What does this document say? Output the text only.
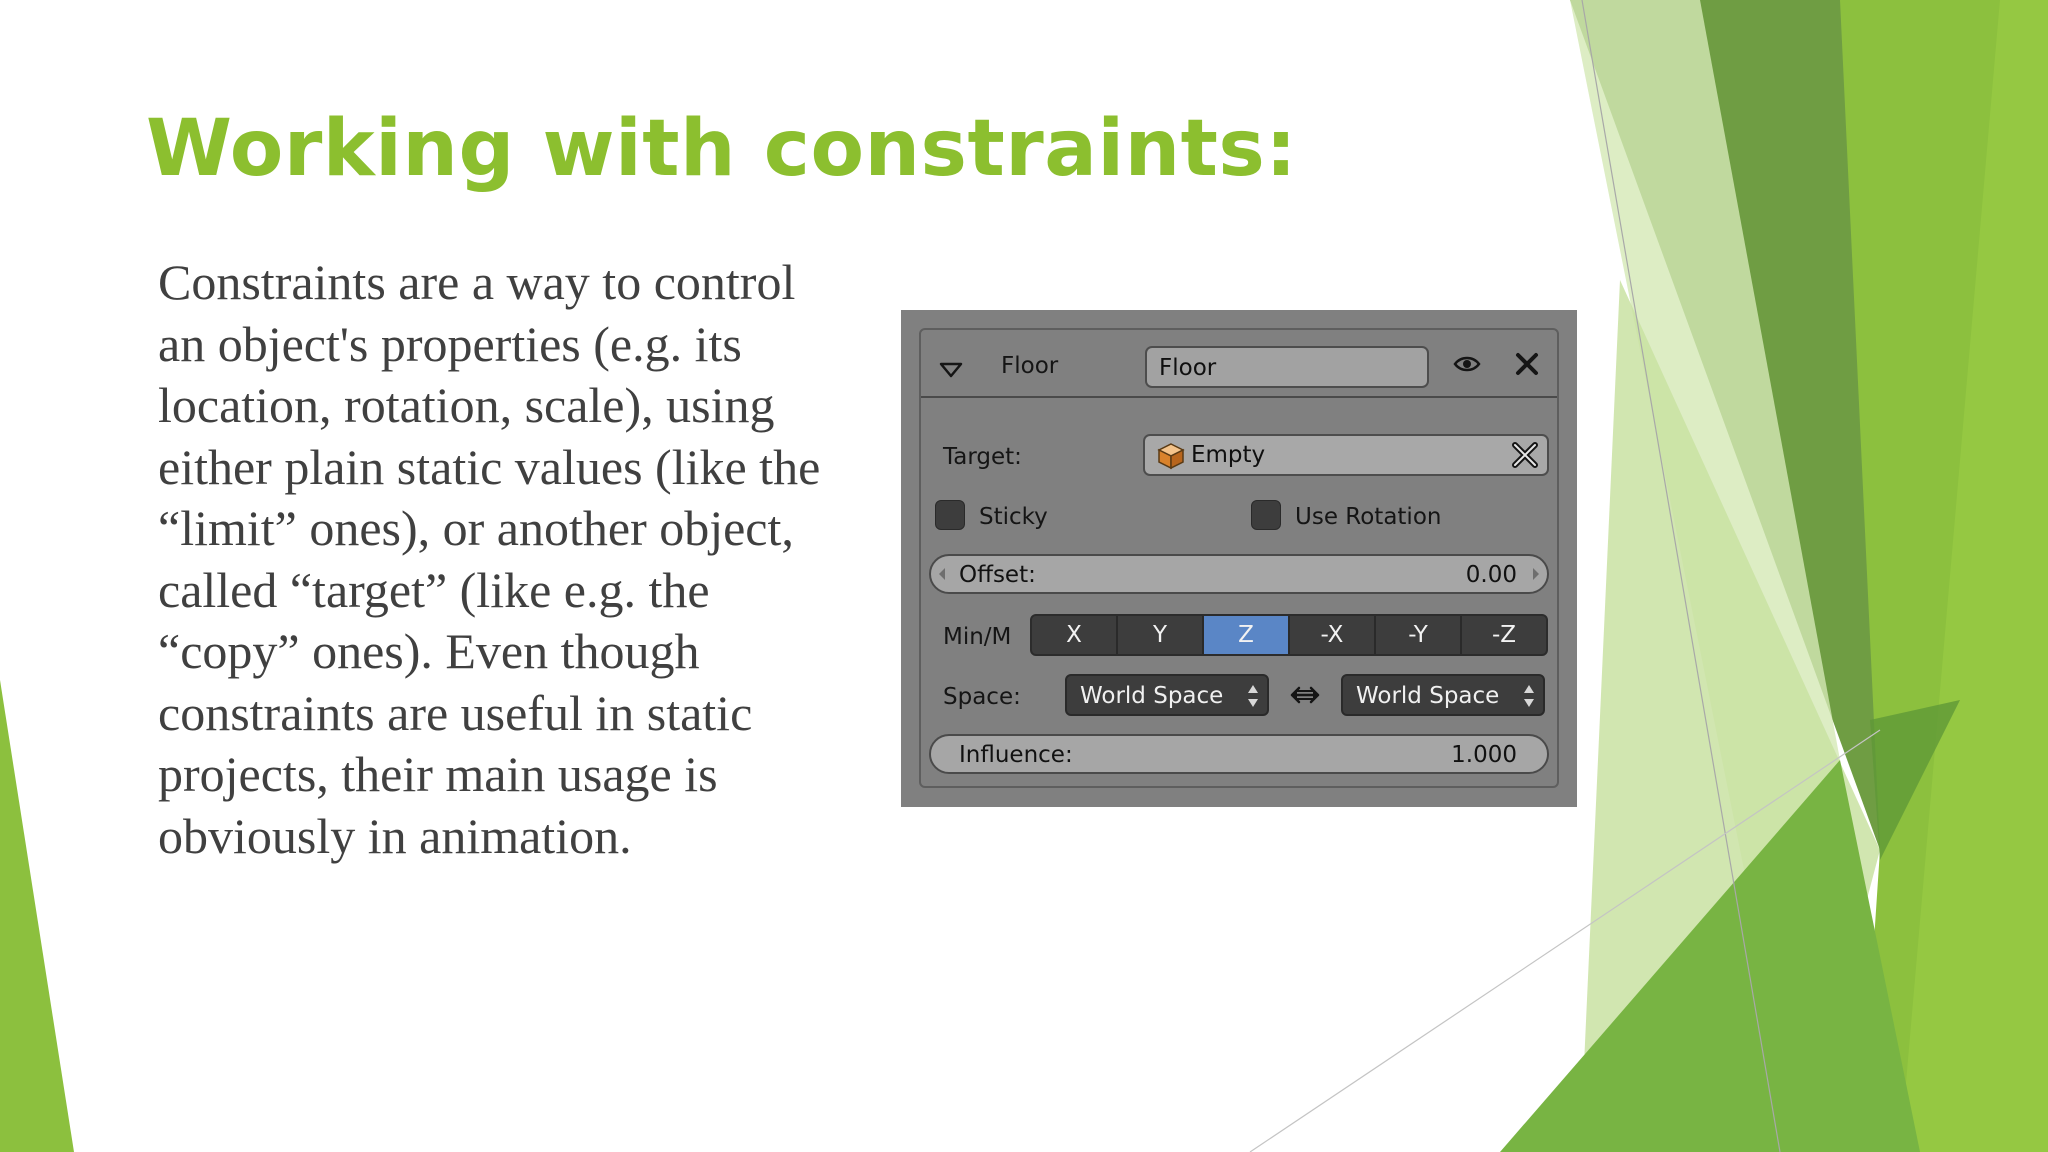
Working with constraints:

Constraints are a way to control
an object's properties (e.g. its
location, rotation, scale), using
either plain static values (like the
“limit” ones), or another object,
called “target” (like e.g. the
“copy” ones). Even though
constraints are useful in static
projects, their main usage is
obviously in animation.

Floor	Floor
Target:	Empty
Sticky	Use Rotation
Offset:	0.00
Min/M	X	Y	Z	-X	-Y	-Z
Space:	World Space	World Space
Influence:	1.000
